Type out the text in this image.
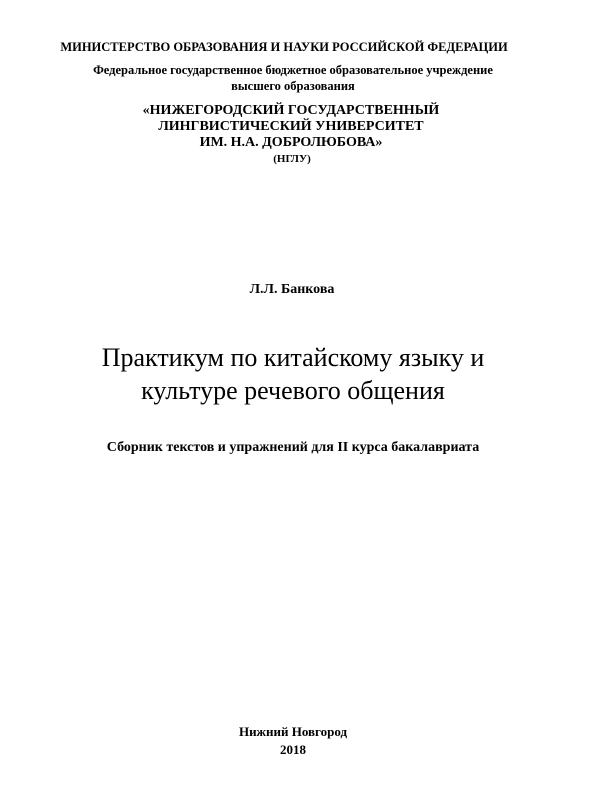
МИНИСТЕРСТВО ОБРАЗОВАНИЯ И НАУКИ РОССИЙСКОЙ ФЕДЕРАЦИИ
Федеральное государственное бюджетное образовательное учреждение
высшего образования
«НИЖЕГОРОДСКИЙ ГОСУДАРСТВЕННЫЙ
ЛИНГВИСТИЧЕСКИЙ УНИВЕРСИТЕТ
ИМ. Н.А. ДОБРОЛЮБОВА»
(НГЛУ)
Л.Л. Банкова
Практикум по китайскому языку и
культуре речевого общения
Сборник текстов и упражнений для II курса бакалавриата
Нижний Новгород
2018
